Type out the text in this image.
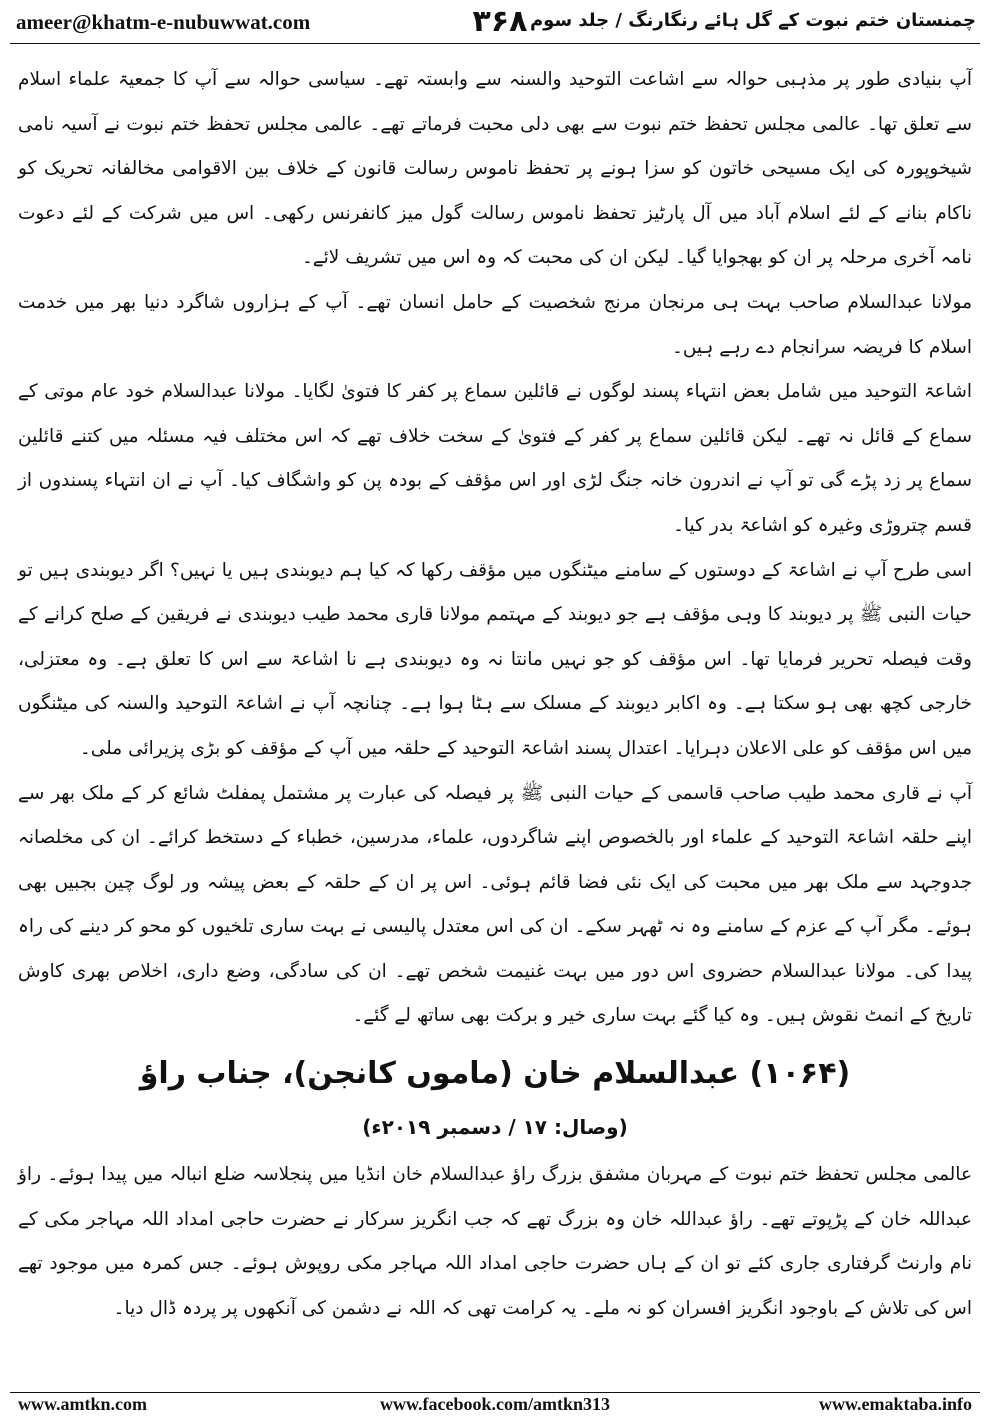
ameer@khatm-e-nubuwwat.com	۳۶۸ چمنستان ختم نبوت کے گل ہائے رنگارنگ / جلد سوم

آپ بنیادی طور پر مذہبی حوالہ سے اشاعت التوحید والسنہ سے وابستہ تھے۔ سیاسی حوالہ سے آپ کا جمعیۃ علماء اسلام سے تعلق تھا۔ عالمی مجلس تحفظ ختم نبوت سے بھی دلی محبت فرماتے تھے۔ عالمی مجلس تحفظ ختم نبوت نے آسیہ نامی شیخوپورہ کی ایک مسیحی خاتون کو سزا ہونے پر تحفظ ناموس رسالت قانون کے خلاف بین الاقوامی مخالفانہ تحریک کو ناکام بنانے کے لئے اسلام آباد میں آل پارٹیز تحفظ ناموس رسالت گول میز کانفرنس رکھی۔ اس میں شرکت کے لئے دعوت نامہ آخری مرحلہ پر ان کو بھجوایا گیا۔ لیکن ان کی محبت کہ وہ اس میں تشریف لائے۔

مولانا عبدالسلام صاحب بہت ہی مرنجان مرنج شخصیت کے حامل انسان تھے۔ آپ کے ہزاروں شاگرد دنیا بھر میں خدمت اسلام کا فریضہ سرانجام دے رہے ہیں۔

اشاعۃ التوحید میں شامل بعض انتہاء پسند لوگوں نے قائلین سماع پر کفر کا فتویٰ لگایا۔ مولانا عبدالسلام خود عام موتی کے سماع کے قائل نہ تھے۔ لیکن قائلین سماع پر کفر کے فتویٰ کے سخت خلاف تھے کہ اس مختلف فیہ مسئلہ میں کتنے قائلین سماع پر زد پڑے گی تو آپ نے اندرون خانہ جنگ لڑی اور اس مؤقف کے بودہ پن کو واشگاف کیا۔ آپ نے ان انتہاء پسندوں از قسم چتروڑی وغیرہ کو اشاعۃ بدر کیا۔

اسی طرح آپ نے اشاعۃ کے دوستوں کے سامنے میٹنگوں میں مؤقف رکھا کہ کیا ہم دیوبندی ہیں یا نہیں؟ اگر دیوبندی ہیں تو حیات النبی ﷺ پر دیوبند کا وہی مؤقف ہے جو دیوبند کے مہتمم مولانا قاری محمد طیب دیوبندی نے فریقین کے صلح کرانے کے وقت فیصلہ تحریر فرمایا تھا۔ اس مؤقف کو جو نہیں مانتا نہ وہ دیوبندی ہے نا اشاعۃ سے اس کا تعلق ہے۔ وہ معتزلی، خارجی کچھ بھی ہو سکتا ہے۔ وہ اکابر دیوبند کے مسلک سے ہٹا ہوا ہے۔ چنانچہ آپ نے اشاعۃ التوحید والسنہ کی میٹنگوں میں اس مؤقف کو علی الاعلان دہرایا۔ اعتدال پسند اشاعۃ التوحید کے حلقہ میں آپ کے مؤقف کو بڑی پزیرائی ملی۔

آپ نے قاری محمد طیب صاحب قاسمی کے حیات النبی ﷺ پر فیصلہ کی عبارت پر مشتمل پمفلٹ شائع کر کے ملک بھر سے اپنے حلقہ اشاعۃ التوحید کے علماء اور بالخصوص اپنے شاگردوں، علماء، مدرسین، خطباء کے دستخط کرائے۔ ان کی مخلصانہ جدوجہد سے ملک بھر میں محبت کی ایک نئی فضا قائم ہوئی۔ اس پر ان کے حلقہ کے بعض پیشہ ور لوگ چین بجبیں بھی ہوئے۔ مگر آپ کے عزم کے سامنے وہ نہ ٹھہر سکے۔ ان کی اس معتدل پالیسی نے بہت ساری تلخیوں کو محو کر دینے کی راہ پیدا کی۔ مولانا عبدالسلام حضروی اس دور میں بہت غنیمت شخص تھے۔ ان کی سادگی، وضع داری، اخلاص بھری کاوش تاریخ کے انمٹ نقوش ہیں۔ وہ کیا گئے بہت ساری خیر و برکت بھی ساتھ لے گئے۔

(۱۰۶۴) عبدالسلام خان (ماموں کانجن)، جناب راؤ
(وصال: ۱۷ / دسمبر ۲۰۱۹ء)

عالمی مجلس تحفظ ختم نبوت کے مہربان مشفق بزرگ راؤ عبدالسلام خان انڈیا میں پنجلاسہ ضلع انبالہ میں پیدا ہوئے۔ راؤ عبداللہ خان کے پڑپوتے تھے۔ راؤ عبداللہ خان وہ بزرگ تھے کہ جب انگریز سرکار نے حضرت حاجی امداد اللہ مہاجر مکی کے نام وارنٹ گرفتاری جاری کئے تو ان کے ہاں حضرت حاجی امداد اللہ مہاجر مکی روپوش ہوئے۔ جس کمرہ میں موجود تھے اس کی تلاش کے باوجود انگریز افسران کو نہ ملے۔ یہ کرامت تھی کہ اللہ نے دشمن کی آنکھوں پر پردہ ڈال دیا۔

www.amtkn.com	www.facebook.com/amtkn313	www.emaktaba.info
